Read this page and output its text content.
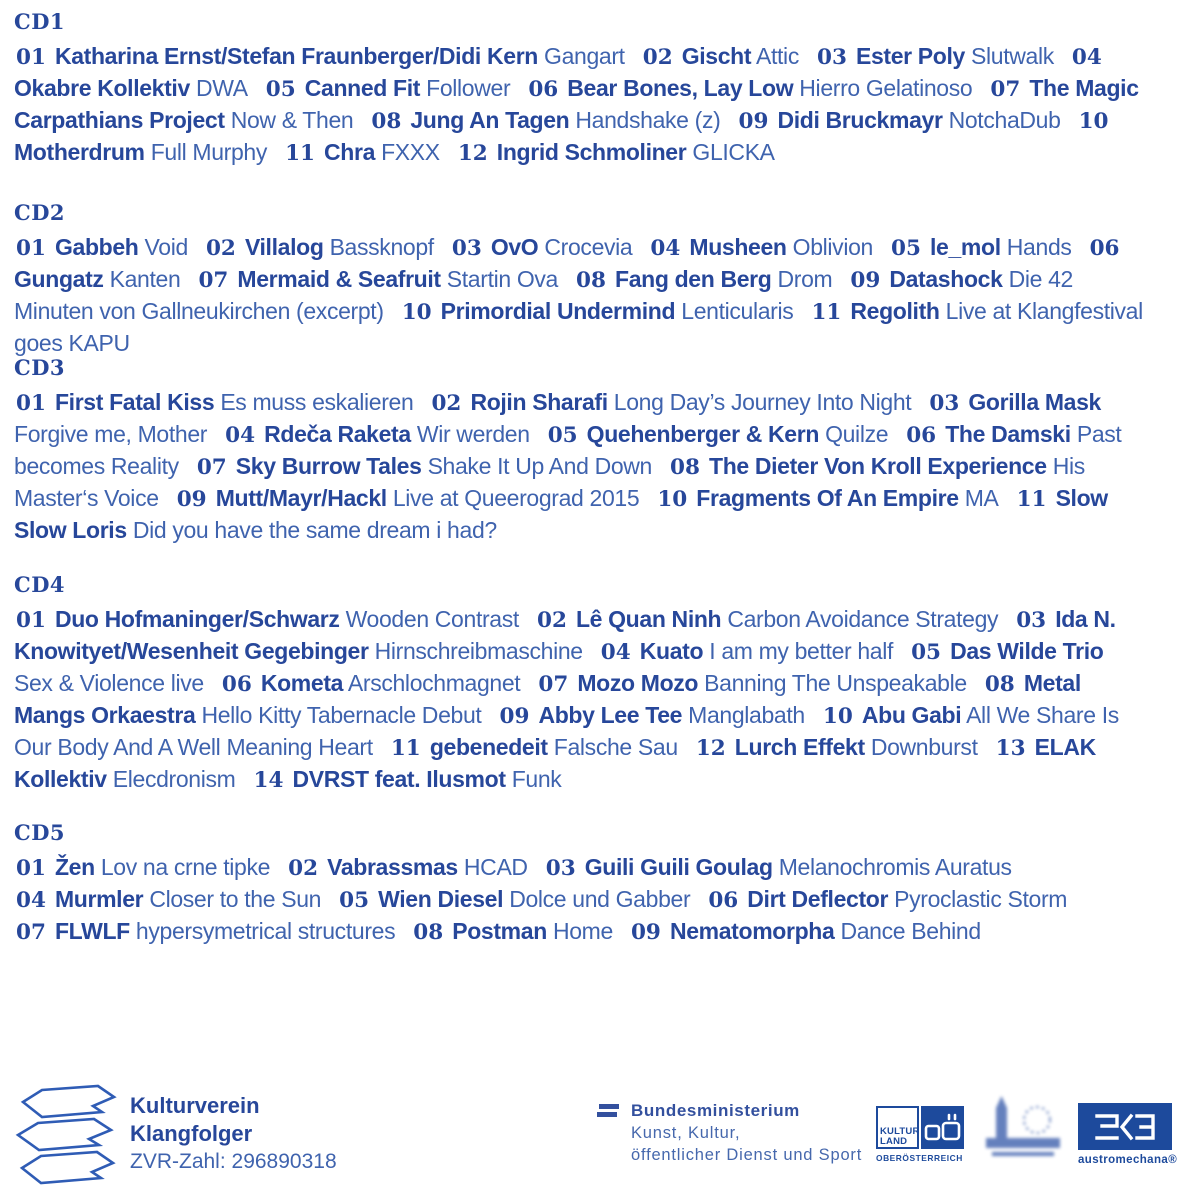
CD1

01 Katharina Ernst/Stefan Fraunberger/Didi Kern Gangart 02 Gischt Attic 03 Ester Poly Slutwalk 04 Okabre Kollektiv DWA 05 Canned Fit Follower 06 Bear Bones, Lay Low Hierro Gelatinoso 07 The Magic Carpathians Project Now & Then 08 Jung An Tagen Handshake (z) 09 Didi Bruckmayr NotchaDub 10 Motherdrum Full Murphy 11 Chra FXXX 12 Ingrid Schmoliner GLICKA

CD2

01 Gabbeh Void 02 Villalog Bassknopf 03 OvO Crocevia 04 Musheen Oblivion 05 le_mol Hands 06 Gungatz Kanten 07 Mermaid & Seafruit Startin Ova 08 Fang den Berg Drom 09 Datashock Die 42 Minuten von Gallneukirchen (excerpt) 10 Primordial Undermind Lenticularis 11 Regolith Live at Klangfestival goes KAPU

CD3

01 First Fatal Kiss Es muss eskalieren 02 Rojin Sharafi Long Day’s Journey Into Night 03 Gorilla Mask Forgive me, Mother 04 Rdeča Raketa Wir werden 05 Quehenberger & Kern Quilze 06 The Damski Past becomes Reality 07 Sky Burrow Tales Shake It Up And Down 08 The Dieter Von Kroll Experience His Master‘s Voice 09 Mutt/Mayr/Hackl Live at Queerograd 2015 10 Fragments Of An Empire MA 11 Slow Slow Loris Did you have the same dream i had?

CD4

01 Duo Hofmaninger/Schwarz Wooden Contrast 02 Lê Quan Ninh Carbon Avoidance Strategy 03 Ida N. Knowityet/Wesenheit Gegebinger Hirnschreibmaschine 04 Kuato I am my better half 05 Das Wilde Trio Sex & Violence live 06 Kometa Arschlochmagnet 07 Mozo Mozo Banning The Unspeakable 08 Metal Mangs Orkaestra Hello Kitty Tabernacle Debut 09 Abby Lee Tee Manglabath 10 Abu Gabi All We Share Is Our Body And A Well Meaning Heart 11 gebenedeit Falsche Sau 12 Lurch Effekt Downburst 13 ELAK Kollektiv Elecdronism 14 DVRST feat. Ilusmot Funk

CD5

01 Žen Lov na crne tipke 02 Vabrassmas HCAD 03 Guili Guili Goulag Melanochromis Auratus
04 Murmler Closer to the Sun 05 Wien Diesel Dolce und Gabber 06 Dirt Deflector Pyroclastic Storm
07 FLWLF hypersymetrical structures 08 Postman Home 09 Nematomorpha Dance Behind

Kulturverein
Klangfolger
ZVR-Zahl: 296890318
Bundesministerium
Kunst, Kultur,
öffentlicher Dienst und Sport
KULTUR
LAND
OBERÖSTERREICH	austromechana®
